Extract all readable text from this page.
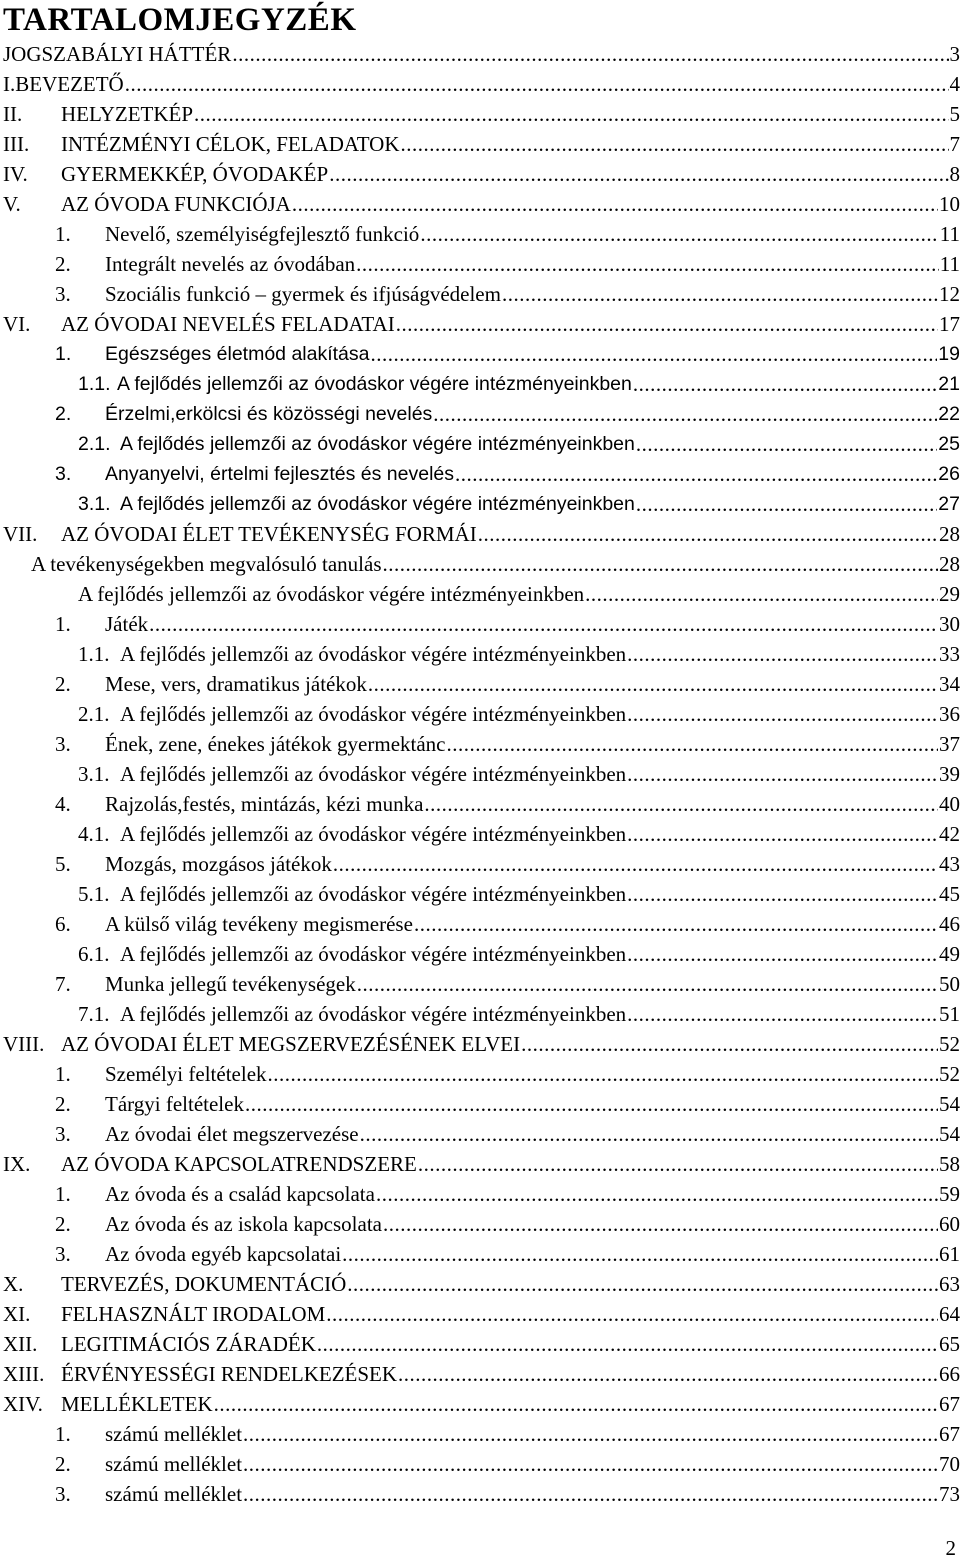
TARTALOMJEGYZÉK
JOGSZABÁLYI HÁTTÉR .....	3
I.BEVEZETŐ .....	4
II. HELYZETKÉP .....	5
III. INTÉZMÉNYI CÉLOK, FELADATOK .....	7
IV. GYERMEKKÉP, ÓVODAKÉP .....	8
V. AZ ÓVODA FUNKCIÓJA .....	10
1. Nevelő, személyiségfejlesztő funkció .....	11
2. Integrált nevelés az óvodában .....	11
3. Szociális funkció – gyermek és ifjúságvédelem .....	12
VI. AZ ÓVODAI NEVELÉS FELADATAI .....	17
1. Egészséges életmód alakítása .....	19
1.1. A fejlődés jellemzői az óvodáskor végére intézményeinkben .....	21
2. Érzelmi,erkölcsi és közösségi nevelés .....	22
2.1. A fejlődés jellemzői az óvodáskor végére intézményeinkben .....	25
3. Anyanyelvi, értelmi fejlesztés és nevelés .....	26
3.1. A fejlődés jellemzői az óvodáskor végére intézményeinkben .....	27
VII. AZ ÓVODAI ÉLET TEVÉKENYSÉG FORMÁI .....	28
A tevékenységekben megvalósuló tanulás .....	28
A fejlődés jellemzői az óvodáskor végére intézményeinkben .....	29
1. Játék .....	30
1.1. A fejlődés jellemzői az óvodáskor végére intézményeinkben .....	33
2. Mese, vers, dramatikus játékok .....	34
2.1. A fejlődés jellemzői az óvodáskor végére intézményeinkben .....	36
3. Ének, zene, énekes játékok gyermektánc .....	37
3.1. A fejlődés jellemzői az óvodáskor végére intézményeinkben .....	39
4. Rajzolás,festés, mintázás, kézi munka .....	40
4.1. A fejlődés jellemzői az óvodáskor végére intézményeinkben .....	42
5. Mozgás, mozgásos játékok .....	43
5.1. A fejlődés jellemzői az óvodáskor végére intézményeinkben .....	45
6. A külső világ tevékeny megismerése .....	46
6.1. A fejlődés jellemzői az óvodáskor végére intézményeinkben .....	49
7. Munka jellegű tevékenységek .....	50
7.1. A fejlődés jellemzői az óvodáskor végére intézményeinkben .....	51
VIII. AZ ÓVODAI ÉLET MEGSZERVEZÉSÉNEK ELVEI .....	52
1. Személyi feltételek .....	52
2. Tárgyi feltételek .....	54
3. Az óvodai élet megszervezése .....	54
IX. AZ ÓVODA KAPCSOLATRENDSZERE .....	58
1. Az óvoda és a család kapcsolata .....	59
2. Az óvoda és az iskola kapcsolata .....	60
3. Az óvoda egyéb kapcsolatai .....	61
X. TERVEZÉS, DOKUMENTÁCIÓ .....	63
XI. FELHASZNÁLT IRODALOM .....	64
XII. LEGITIMÁCIÓS ZÁRADÉK .....	65
XIII. ÉRVÉNYESSÉGI RENDELKEZÉSEK .....	66
XIV. MELLÉKLETEK .....	67
1. számú melléklet .....	67
2. számú melléklet .....	70
3. számú melléklet .....	73
2
